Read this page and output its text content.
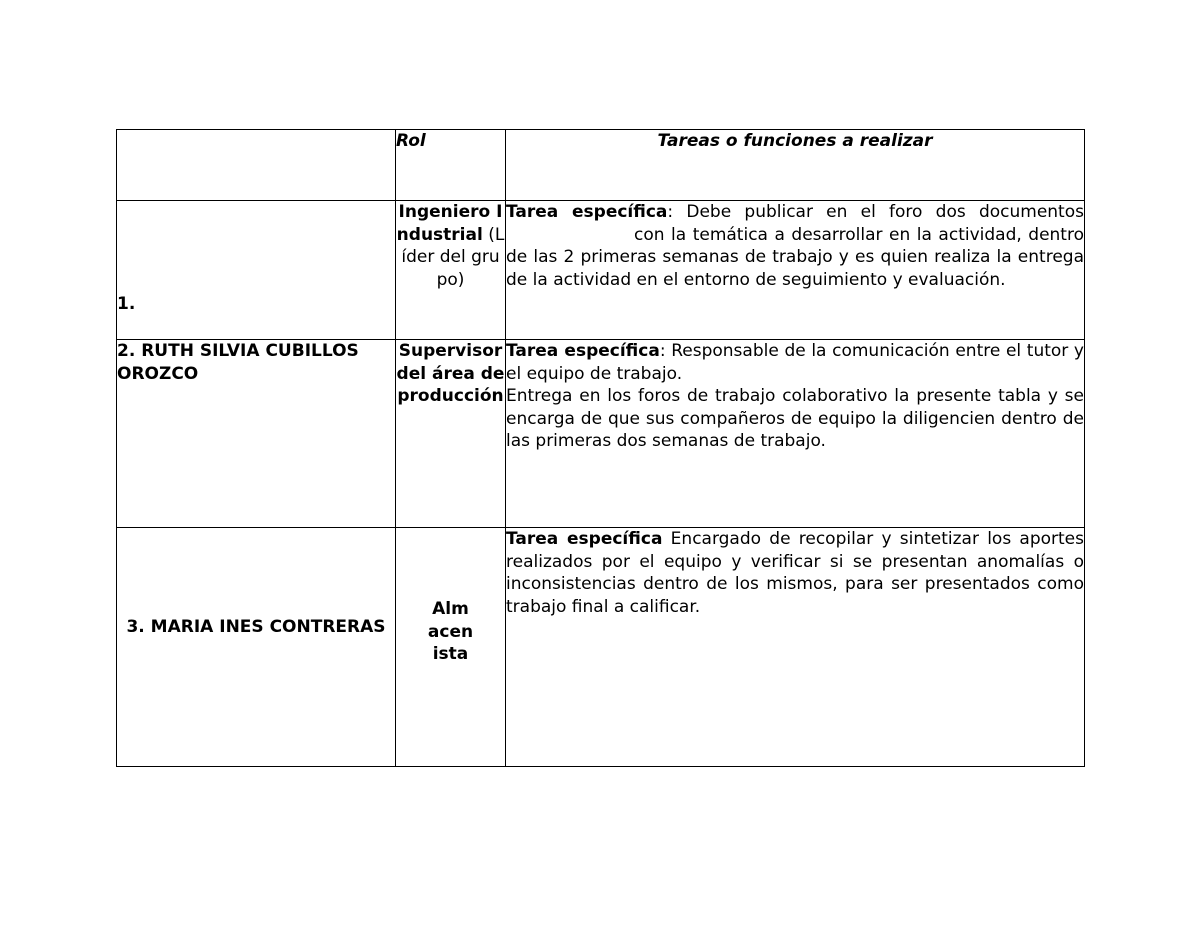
	Rol	Tareas o funciones a realizar
1.	Ingeniero Industrial (Líder del grupo)	Tarea específica: Debe publicar en el foro dos documentoscon la temática a desarrollar en la actividad, dentro de las 2 primeras semanas de trabajo y es quien realiza la entrega de la actividad en el entorno de seguimiento y evaluación.

2. RUTH SILVIA CUBILLOS OROZCO	Supervisor del área de producción	Tarea específica: Responsable de la comunicación entre el tutor y el equipo de trabajo.

Entrega en los foros de trabajo colaborativo la presente tabla y se encarga de que sus compañeros de equipo la diligencien dentro de las primeras dos semanas de trabajo.

3. MARIA INES CONTRERAS	Almacenista	Tarea específica Encargado de recopilar y sintetizar los aportes realizados por el equipo y verificar si se presentan anomalías o inconsistencias dentro de los mismos, para ser presentados como trabajo final a calificar.
